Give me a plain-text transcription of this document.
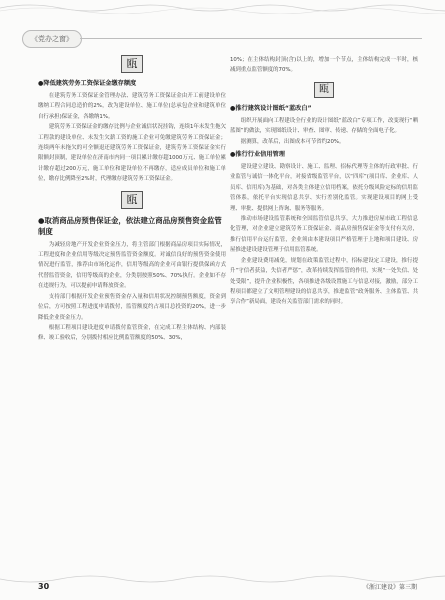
《党办之窗》
瓯
●降低建筑劳务工资保证金缴存额度

在建筑劳务工资保证金管理办法、建筑劳务工资保证金由开工前建设单位缴纳工程合同总造价的2%，改为建设单位、施工单位(总承包企业和建筑单位自行承担)保证金，各缴纳1%。

建筑劳务工资保证金的缴存比例与企业诚信状况挂钩，连续1年未发生拖欠工程款的建设单位、未发生欠薪工资的施工企业可免缴建筑劳务工资保证金；连续两年未拖欠的可全额退还建筑劳务工资保证金，建筑劳务工资保证金实行限额封顶制，建设单位在济南市内同一项目累计缴存超1000万元、施工单位累计缴存超过200万元，施工单位和建设单位不再缴存，适应成员单位和施工单位，缴存比例降至2%时，代理缴存建筑劳务工资保证金。

瓯
●取消商品房预售保证金，依法建立商品房预售资金监管制度

为减轻房地产开发企业资金压力，将主管部门根据商品房项目实际情况，工程进度和企业信用等级决定预售监管资金额度。对诚信良好的预售资金使用情况进行监管，推荐由市场化运作，信用等级高的企业可由银行提供保函方式代替监管资金，信用等级高的企业，分类别按照50%、70%执行。企业如不存在违规行为，可以提前申请释放资金。

支持部门根据开发企业预售资金存入量和信用状况控制预售额度，资金到位后，方可按照工程进度申请拨付，监管额度约占项目总投资的20%，进一步降低企业资金压力。

根据工程项目建设进度申请拨付监管资金，在完成工程主体结构、内部装修、竣工验收后，分别拨付相应比例监管额度的50%、30%，

10%；在主体结构封顶(含)以上的，增加一个节点，主体结构完成一半时，核减到重点监管额度的70%。

瓯
●推行建筑设计图纸“蓝改白”

组织开展面向工程建设全行业的设计图纸“蓝改白”专项工作，改变现行“晒蓝图”的做法，实现图纸设计、审查、图审、传递、存储的全面电子化。

据测算，改革后，出图成本可节省约20%。

●推行行业信用管理

建设建立建设、勘察设计、施工、监理、招标代理等主体的行政审批、行业监管与诚信一体化平台，对接省级监管平台，以“四库”(项目库、企业库、人员库、信用库)为基础，对各类主体建立信用档案，依托分级风险定标的信用监管体系，依托平台实现信息共享、实行差别化监管。实现建设项目的网上受理、审批、提供网上咨询、服务等服务。

推动市场建设监管系统和全国监管信息共享，大力推进房屋市政工程信息化管理，对企业建立建筑劳务工资保证金、商品房预售保证金等支付有关房，推行信用平台运行监管，企业须由本建设项目严格管理于上地和项目建设、房屋推进建设建设管理于信用监管系统。

企业建设费用减免，规划在政策监管过程中，招标建设定工建设，推行提升“守信者获益，失信者严惩”，改革持续发挥监管的作用，实现“一处失信、处处受限”，提升企业积极性，各项推进各级设置施工与信息对接，激励，部分工程项目都建立了文明管理建设的信息共享，推进监管“政务服务、主体监管、共享合作”新局面，建设有关监管部门需求的同时。

30	《浙江建设》第三期
